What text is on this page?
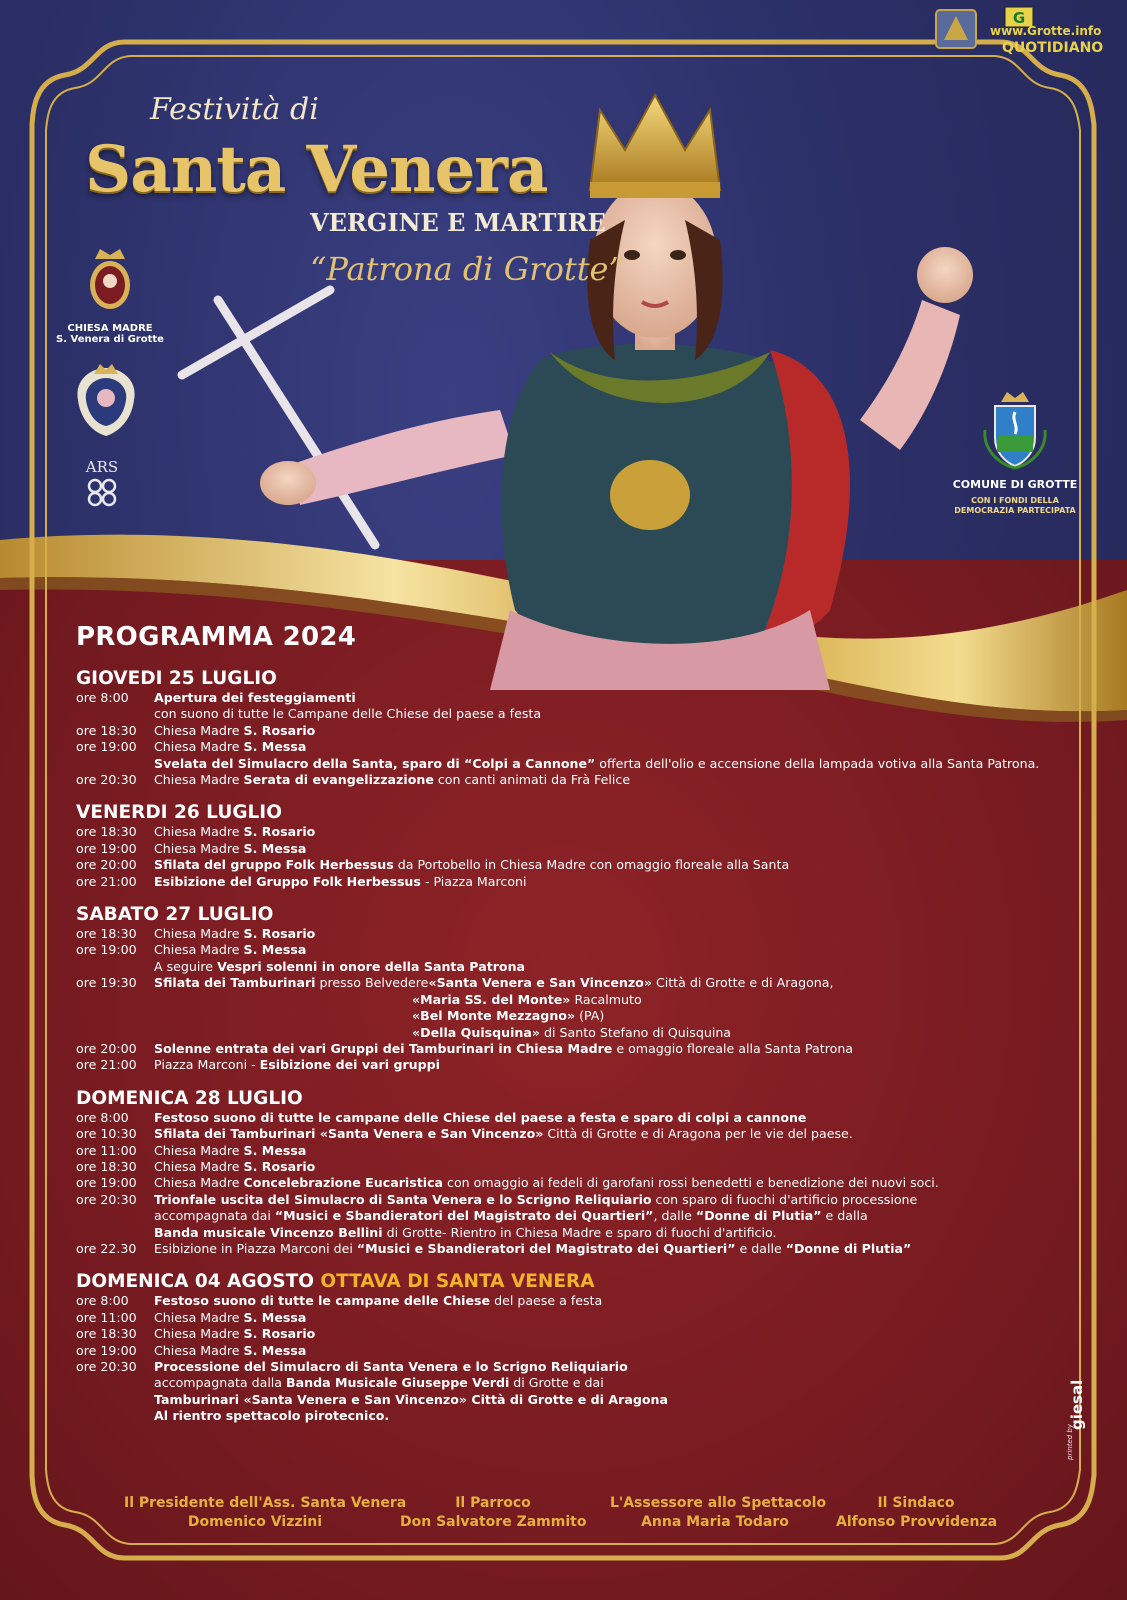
Festività di
Santa Venera
VERGINE E MARTIRE
“Patrona di Grotte”
G
www.Grotte.info
QUOTIDIANO
CHIESA MADRE
S. Venera di Grotte
ARS
COMUNE DI GROTTE
CON I FONDI DELLA
DEMOCRAZIA PARTECIPATA
PROGRAMMA 2024
GIOVEDI 25 LUGLIO
ore 8:00	Apertura dei festeggiamenti
con suono di tutte le Campane delle Chiese del paese a festa
ore 18:30	Chiesa Madre S. Rosario
ore 19:00	Chiesa Madre S. Messa
Svelata del Simulacro della Santa, sparo di “Colpi a Cannone” offerta dell'olio e accensione della lampada votiva alla Santa Patrona.
ore 20:30	Chiesa Madre Serata di evangelizzazione con canti animati da Frà Felice
VENERDI 26 LUGLIO
ore 18:30	Chiesa Madre S. Rosario
ore 19:00	Chiesa Madre S. Messa
ore 20:00	Sfilata del gruppo Folk Herbessus da Portobello in Chiesa Madre con omaggio floreale alla Santa
ore 21:00	Esibizione del Gruppo Folk Herbessus - Piazza Marconi
SABATO 27 LUGLIO
ore 18:30	Chiesa Madre S. Rosario
ore 19:00	Chiesa Madre S. Messa
A seguire Vespri solenni in onore della Santa Patrona
ore 19:30	Sfilata dei Tamburinari presso Belvedere«Santa Venera e San Vincenzo» Città di Grotte e di Aragona,
«Maria SS. del Monte» Racalmuto
«Bel Monte Mezzagno» (PA)
«Della Quisquina» di Santo Stefano di Quisquina
ore 20:00	Solenne entrata dei vari Gruppi dei Tamburinari in Chiesa Madre e omaggio floreale alla Santa Patrona
ore 21:00	Piazza Marconi - Esibizione dei vari gruppi
DOMENICA 28 LUGLIO
ore 8:00	Festoso suono di tutte le campane delle Chiese del paese a festa e sparo di colpi a cannone
ore 10:30	Sfilata dei Tamburinari «Santa Venera e San Vincenzo» Città di Grotte e di Aragona per le vie del paese.
ore 11:00	Chiesa Madre S. Messa
ore 18:30	Chiesa Madre S. Rosario
ore 19:00	Chiesa Madre Concelebrazione Eucaristica con omaggio ai fedeli di garofani rossi benedetti e benedizione dei nuovi soci.
ore 20:30	Trionfale uscita del Simulacro di Santa Venera e lo Scrigno Reliquiario con sparo di fuochi d'artificio processione
accompagnata dai “Musici e Sbandieratori del Magistrato dei Quartieri”, dalle “Donne di Plutia” e dalla
Banda musicale Vincenzo Bellini di Grotte- Rientro in Chiesa Madre e sparo di fuochi d'artificio.
ore 22.30	Esibizione in Piazza Marconi dei “Musici e Sbandieratori del Magistrato dei Quartieri” e dalle “Donne di Plutia”
DOMENICA 04 AGOSTO OTTAVA DI SANTA VENERA
ore 8:00	Festoso suono di tutte le campane delle Chiese del paese a festa
ore 11:00	Chiesa Madre S. Messa
ore 18:30	Chiesa Madre S. Rosario
ore 19:00	Chiesa Madre S. Messa
ore 20:30	Processione del Simulacro di Santa Venera e lo Scrigno Reliquiario
accompagnata dalla Banda Musicale Giuseppe Verdi di Grotte e dai
Tamburinari «Santa Venera e San Vincenzo» Città di Grotte e di Aragona
Al rientro spettacolo pirotecnico.
printed by
giesal
Il Presidente dell'Ass. Santa Venera
Domenico Vizzini
Il Parroco
Don Salvatore Zammito
L'Assessore allo Spettacolo
Anna Maria Todaro
Il Sindaco
Alfonso Provvidenza
